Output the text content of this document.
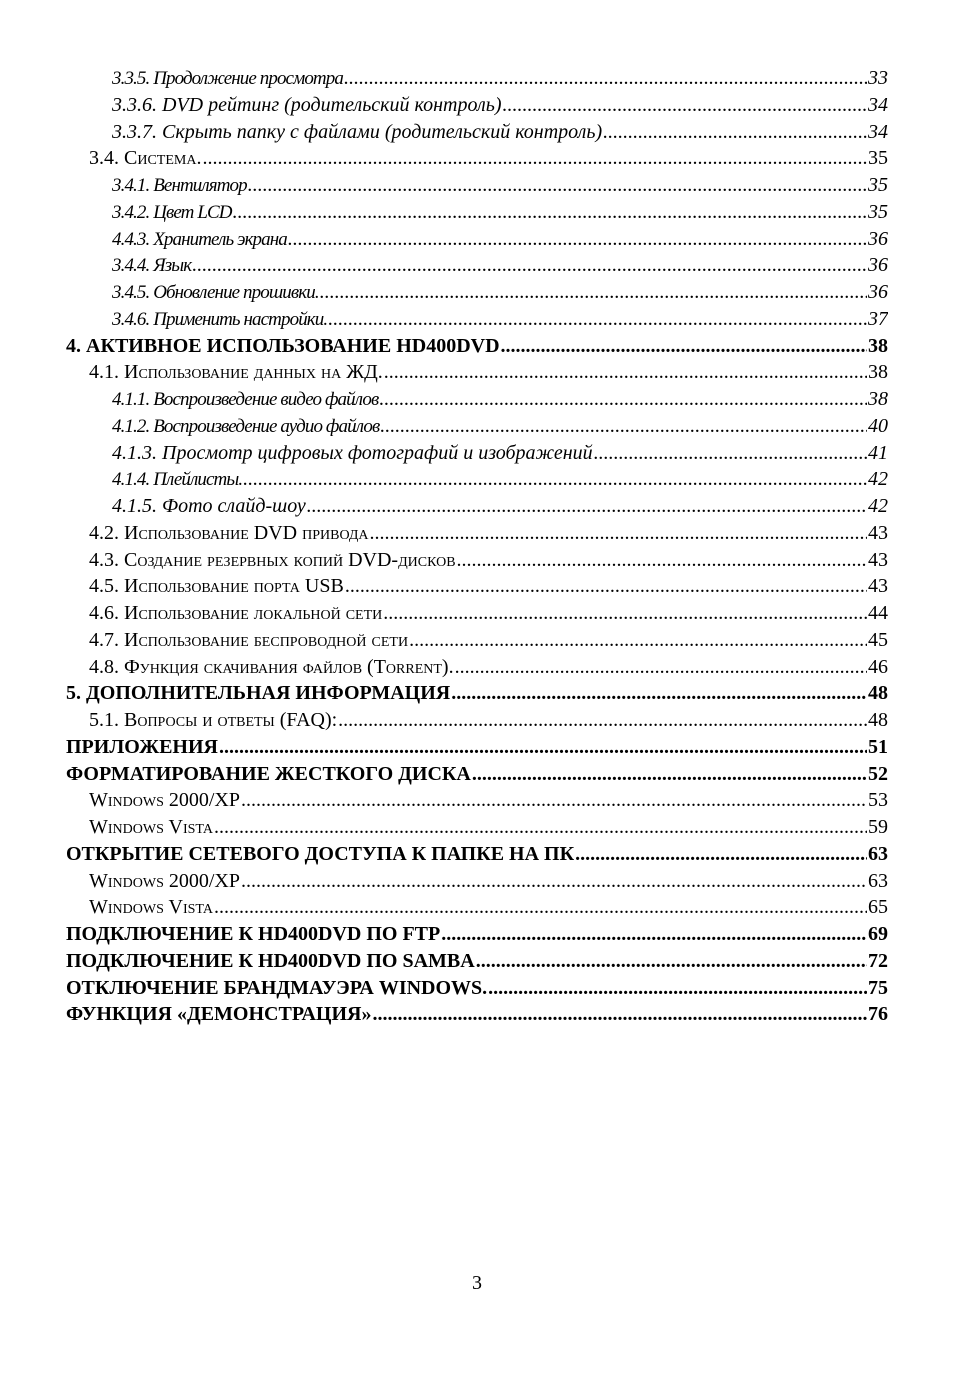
3.3.5. Продолжение просмотра . . .	33
3.3.6. DVD рейтинг (родительский контроль) . . .	34
3.3.7. Скрыть папку с файлами (родительский контроль) . . .	34
3.4. Система. . . .	35
3.4.1. Вентилятор . . .	35
3.4.2. Цвет LCD . . .	35
4.4.3. Хранитель экрана . . .	36
3.4.4. Язык . . .	36
3.4.5. Обновление прошивки. . . .	36
3.4.6. Применить настройки. . . .	37
4. АКТИВНОЕ ИСПОЛЬЗОВАНИЕ HD400DVD . . .	38
4.1. Использование данных на ЖД. . . .	38
4.1.1. Воспроизведение видео файлов . . .	38
4.1.2. Воспроизведение аудио файлов . . .	40
4.1.3. Просмотр цифровых фотографий и изображений . . .	41
4.1.4. Плейлисты. . . .	42
4.1.5. Фото слайд-шоу . . .	42
4.2. Использование DVD привода . . .	43
4.3. Создание резервных копий DVD-дисков . . .	43
4.5. Использование порта USB . . .	43
4.6. Использование локальной сети . . .	44
4.7. Использование беспроводной сети . . .	45
4.8. Функция скачивания файлов (Torrent). . . .	46
5. ДОПОЛНИТЕЛЬНАЯ ИНФОРМАЦИЯ . . .	48
5.1. Вопросы и ответы (FAQ): . . .	48
ПРИЛОЖЕНИЯ . . .	51
ФОРМАТИРОВАНИЕ ЖЕСТКОГО ДИСКА . . .	52
Windows 2000/XP . . .	53
Windows Vista . . .	59
ОТКРЫТИЕ СЕТЕВОГО ДОСТУПА К ПАПКЕ НА ПК . . .	63
Windows 2000/XP . . .	63
Windows Vista . . .	65
ПОДКЛЮЧЕНИЕ К HD400DVD ПО FTP . . .	69
ПОДКЛЮЧЕНИЕ К HD400DVD ПО SAMBA . . .	72
ОТКЛЮЧЕНИЕ БРАНДМАУЭРА WINDOWS. . . .	75
ФУНКЦИЯ «ДЕМОНСТРАЦИЯ» . . .	76
3
